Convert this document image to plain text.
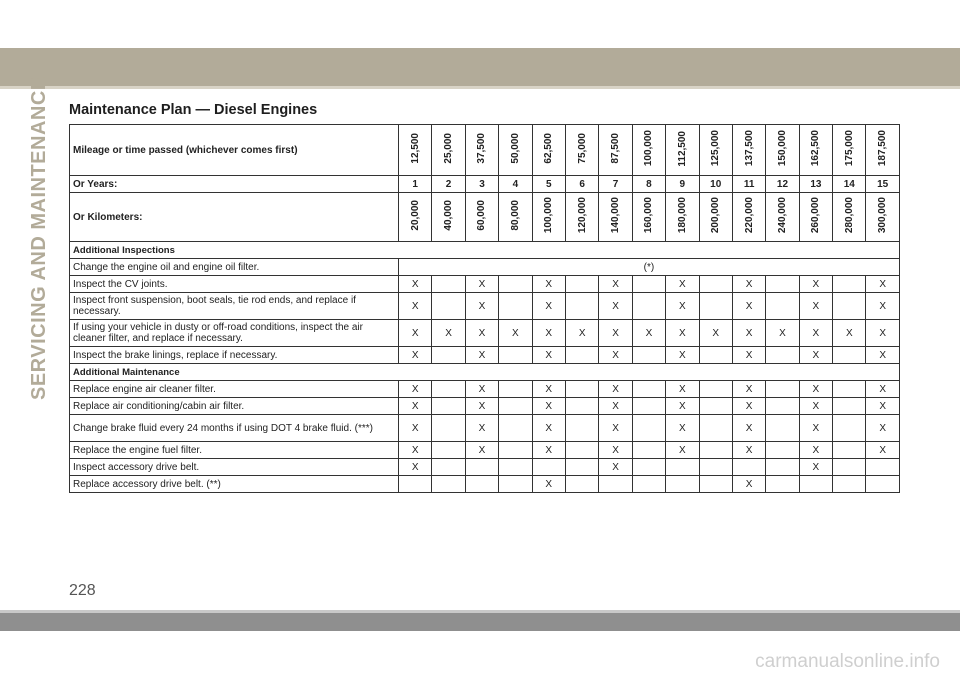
SERVICING AND MAINTENANCE Maintenance Plan — Diesel Engines
Mileage or time passed (whichever comes first)	12,500	25,000	37,500	50,000	62,500	75,000	87,500	100,000	112,500	125,000	137,500	150,000	162,500	175,000	187,500
Or Years:	1	2	3	4	5	6	7	8	9	10	11	12	13	14	15
Or Kilometers:	20,000	40,000	60,000	80,000	100,000	120,000	140,000	160,000	180,000	200,000	220,000	240,000	260,000	280,000	300,000
Additional Inspections															
Change the engine oil and engine oil filter.	(*)														
Inspect the CV joints.	X		X		X		X		X		X		X		X
Inspect front suspension, boot seals, tie rod ends, and replace if necessary.	X		X		X		X		X		X		X		X
If using your vehicle in dusty or off-road conditions, inspect the air cleaner filter, and replace if necessary.	X	X	X	X	X	X	X	X	X	X	X	X	X	X	X
Inspect the brake linings, replace if necessary.	X		X		X		X		X		X		X		X
Additional Maintenance															
Replace engine air cleaner filter.	X		X		X		X		X		X		X		X
Replace air conditioning/cabin air filter.	X		X		X		X		X		X		X		X
Change brake fluid every 24 months if using DOT 4 brake fluid. (***)	X		X		X		X		X		X		X		X
Replace the engine fuel filter.	X		X		X		X		X		X		X		X
Inspect accessory drive belt.	X						X						X		
Replace accessory drive belt. (**)					X						X				
228
carmanualsonline.info
